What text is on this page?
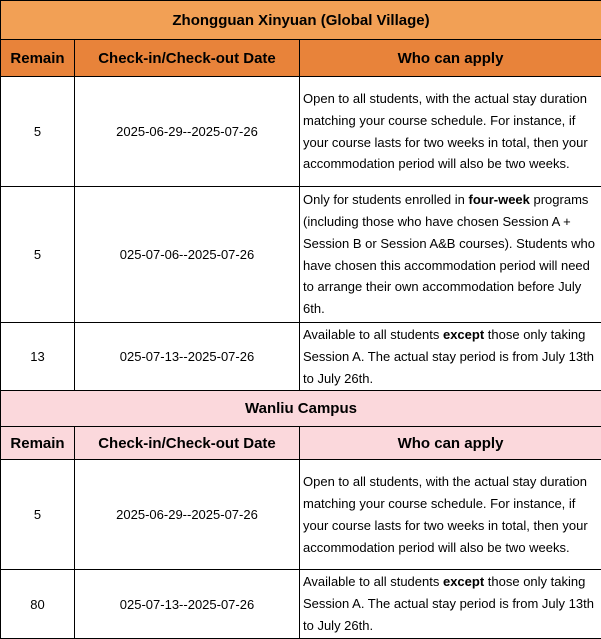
Zhongguan Xinyuan (Global Village)		
Remain	Check-in/Check-out Date	Who can apply
5	2025-06-29--2025-07-26	Open to all students, with the actual stay duration matching your course schedule. For instance, if your course lasts for two weeks in total, then your accommodation period will also be two weeks.
5	025-07-06--2025-07-26	Only for students enrolled in four-week programs (including those who have chosen Session A + Session B or Session A&B courses). Students who have chosen this accommodation period will need to arrange their own accommodation before July 6th.
13	025-07-13--2025-07-26	Available to all students except those only taking Session A. The actual stay period is from July 13th to July 26th.
Wanliu Campus		
Remain	Check-in/Check-out Date	Who can apply
5	2025-06-29--2025-07-26	Open to all students, with the actual stay duration matching your course schedule. For instance, if your course lasts for two weeks in total, then your accommodation period will also be two weeks.
80	025-07-13--2025-07-26	Available to all students except those only taking Session A. The actual stay period is from July 13th to July 26th.
